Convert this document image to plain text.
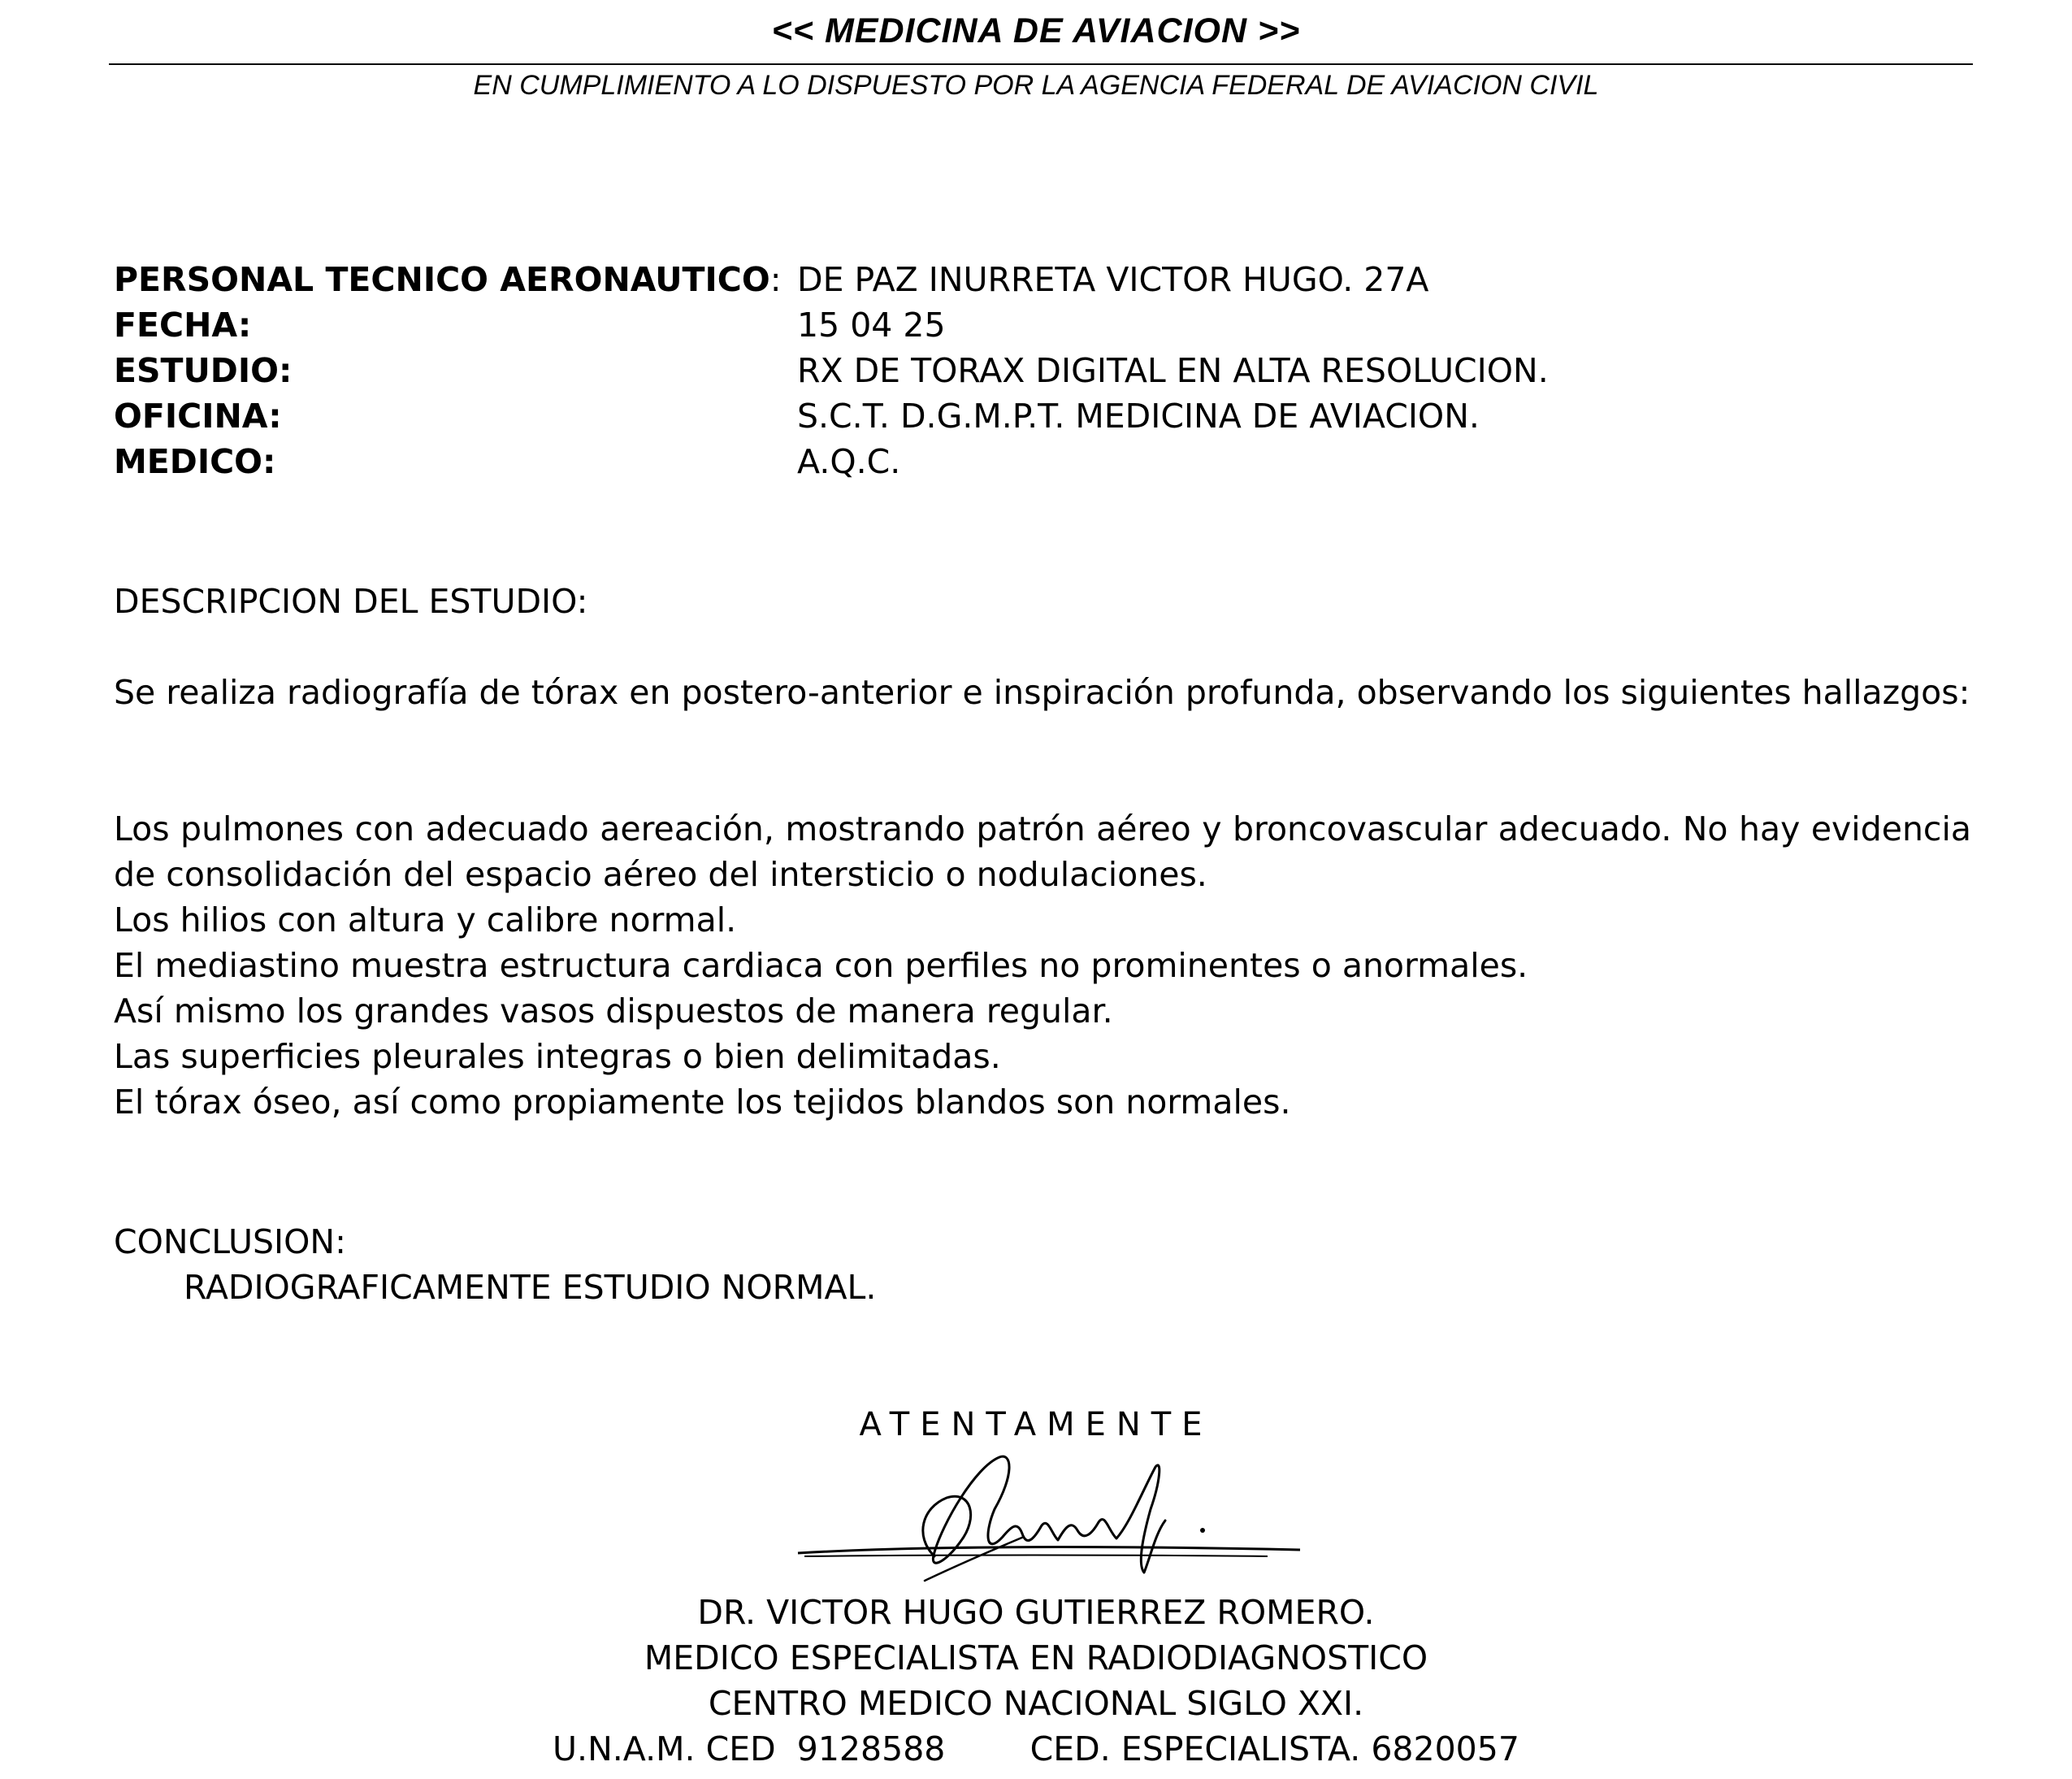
<< MEDICINA DE AVIACION >>
EN CUMPLIMIENTO A LO DISPUESTO POR LA AGENCIA FEDERAL DE AVIACION CIVIL
PERSONAL TECNICO AERONAUTICO: DE PAZ INURRETA VICTOR HUGO. 27A
FECHA:	15 04 25
ESTUDIO:	RX DE TORAX DIGITAL EN ALTA RESOLUCION.
OFICINA:	S.C.T. D.G.M.P.T. MEDICINA DE AVIACION.
MEDICO:	A.Q.C.
DESCRIPCION DEL ESTUDIO:
Se realiza radiografía de tórax en postero-anterior e inspiración profunda, observando los siguientes hallazgos:
Los pulmones con adecuado aereación, mostrando patrón aéreo y broncovascular adecuado. No hay evidencia de consolidación del espacio aéreo del intersticio o nodulaciones.
Los hilios con altura y calibre normal.
El mediastino muestra estructura cardiaca con perfiles no prominentes o anormales.
Así mismo los grandes vasos dispuestos de manera regular.
Las superficies pleurales integras o bien delimitadas.
El tórax óseo, así como propiamente los tejidos blandos son normales.
CONCLUSION:
RADIOGRAFICAMENTE ESTUDIO NORMAL.
ATENTAMENTE
DR. VICTOR HUGO GUTIERREZ ROMERO.
MEDICO ESPECIALISTA EN RADIODIAGNOSTICO
CENTRO MEDICO NACIONAL SIGLO XXI.
U.N.A.M. CED  9128588        CED. ESPECIALISTA. 6820057
